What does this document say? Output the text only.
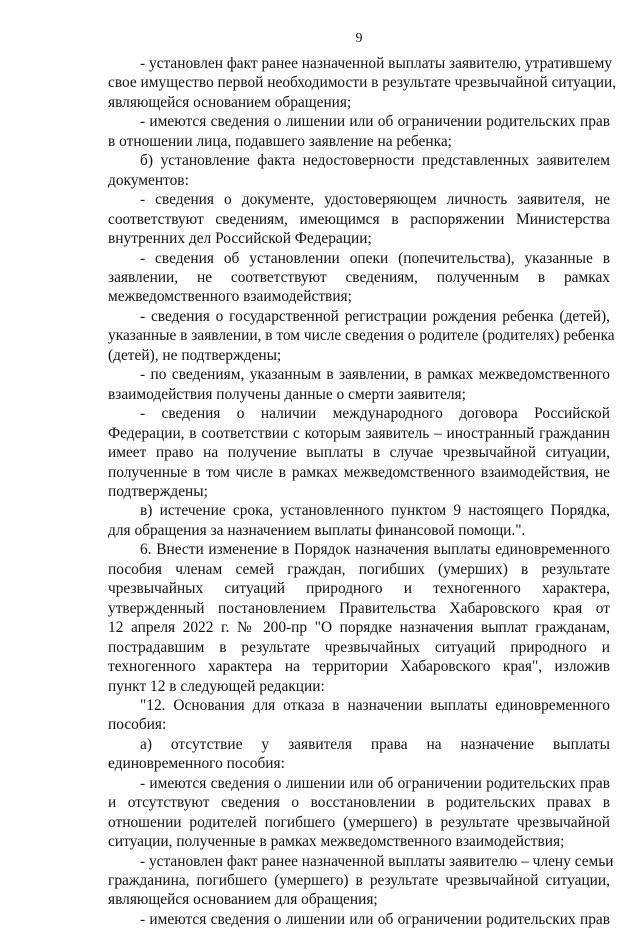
9
- установлен факт ранее назначенной выплаты заявителю, утратившему
свое имущество первой необходимости в результате чрезвычайной ситуации,
являющейся основанием обращения;
- имеются сведения о лишении или об ограничении родительских прав
в отношении лица, подавшего заявление на ребенка;
б) установление факта недостоверности представленных заявителем
документов:
- сведения о документе, удостоверяющем личность заявителя, не
соответствуют сведениям, имеющимся в распоряжении Министерства
внутренних дел Российской Федерации;
- сведения об установлении опеки (попечительства), указанные в
заявлении, не соответствуют сведениям, полученным в рамках
межведомственного взаимодействия;
- сведения о государственной регистрации рождения ребенка (детей),
указанные в заявлении, в том числе сведения о родителе (родителях) ребенка
(детей), не подтверждены;
- по сведениям, указанным в заявлении, в рамках межведомственного
взаимодействия получены данные о смерти заявителя;
- сведения о наличии международного договора Российской
Федерации, в соответствии с которым заявитель – иностранный гражданин
имеет право на получение выплаты в случае чрезвычайной ситуации,
полученные в том числе в рамках межведомственного взаимодействия, не
подтверждены;
в) истечение срока, установленного пунктом 9 настоящего Порядка,
для обращения за назначением выплаты финансовой помощи.".
6. Внести изменение в Порядок назначения выплаты единовременного
пособия членам семей граждан, погибших (умерших) в результате
чрезвычайных ситуаций природного и техногенного характера,
утвержденный постановлением Правительства Хабаровского края от
12 апреля 2022 г. № 200-пр "О порядке назначения выплат гражданам,
пострадавшим в результате чрезвычайных ситуаций природного и
техногенного характера на территории Хабаровского края", изложив
пункт 12 в следующей редакции:
"12. Основания для отказа в назначении выплаты единовременного
пособия:
а) отсутствие у заявителя права на назначение выплаты
единовременного пособия:
- имеются сведения о лишении или об ограничении родительских прав
и отсутствуют сведения о восстановлении в родительских правах в
отношении родителей погибшего (умершего) в результате чрезвычайной
ситуации, полученные в рамках межведомственного взаимодействия;
- установлен факт ранее назначенной выплаты заявителю – члену семьи
гражданина, погибшего (умершего) в результате чрезвычайной ситуации,
являющейся основанием для обращения;
- имеются сведения о лишении или об ограничении родительских прав
